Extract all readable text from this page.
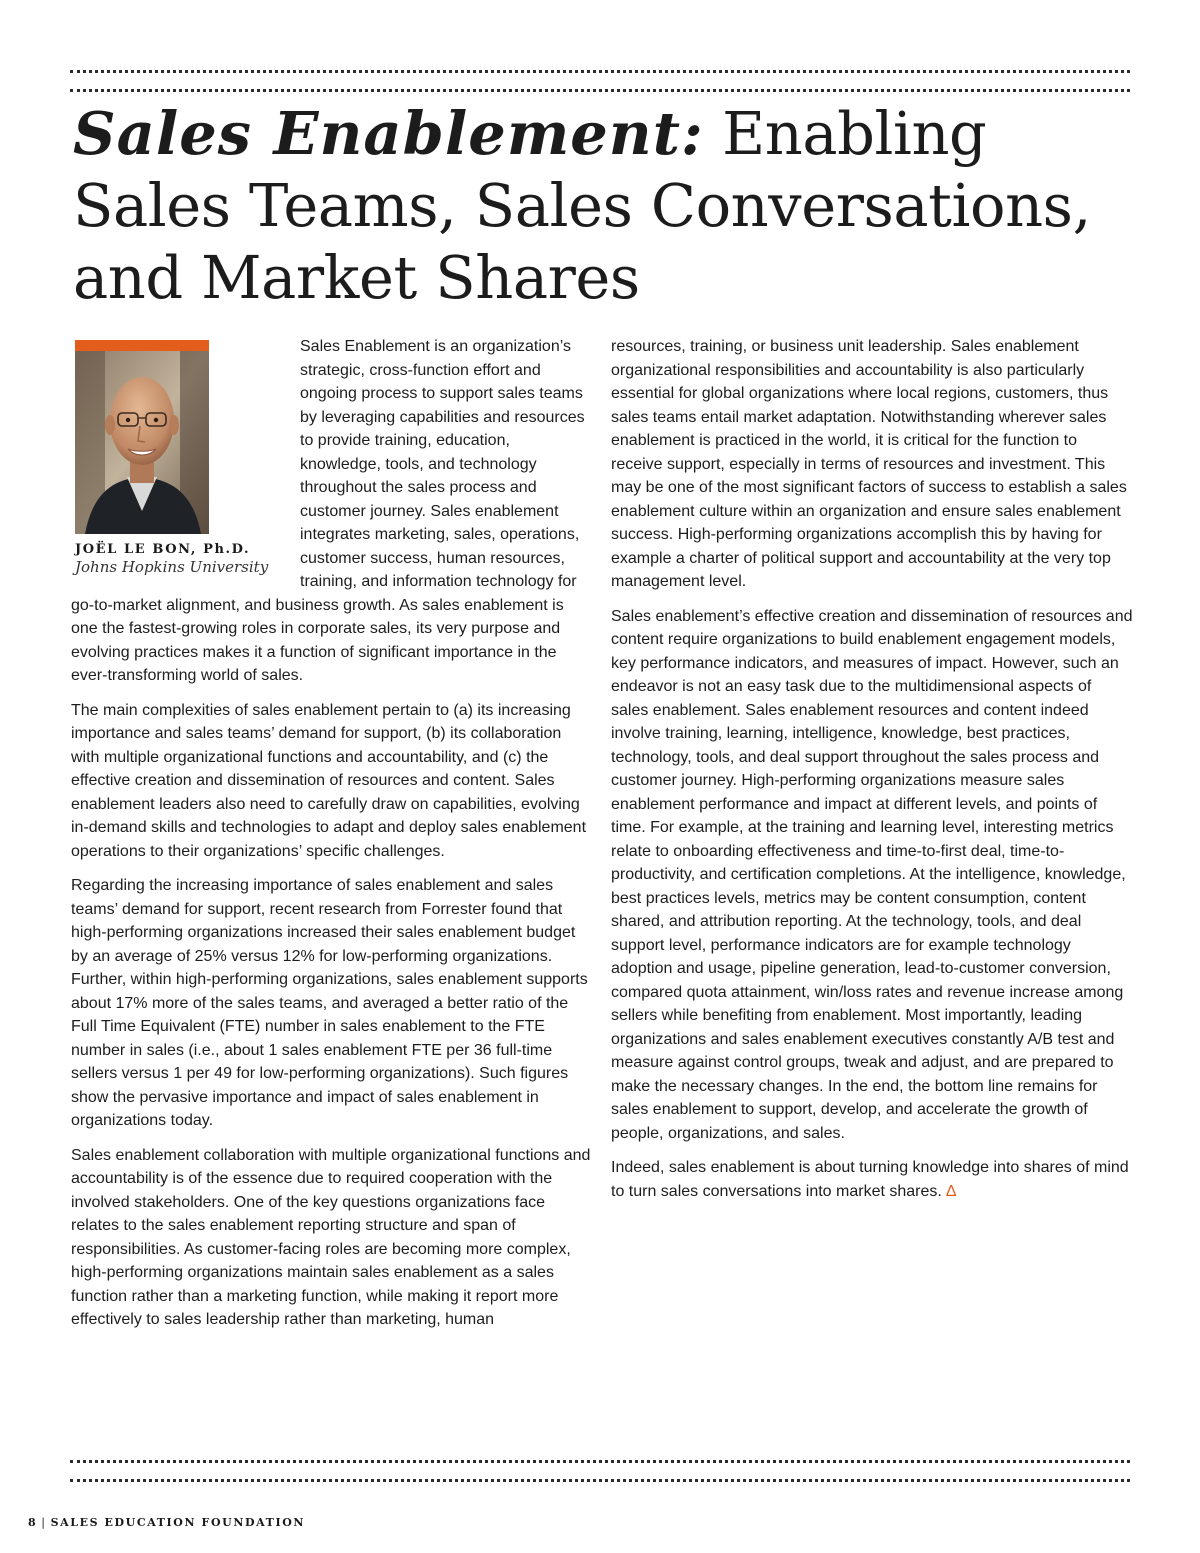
Sales Enablement: Enabling Sales Teams, Sales Conversations, and Market Shares
JOËL LE BON, Ph.D.
Johns Hopkins University

Sales Enablement is an organization’s strategic, cross-function effort and ongoing process to support sales teams by leveraging capabilities and resources to provide training, education, knowledge, tools, and technology throughout the sales process and customer journey. Sales enablement integrates marketing, sales, operations, customer success, human resources, training, and information technology for go-to-market alignment, and business growth. As sales enablement is one the fastest-growing roles in corporate sales, its very purpose and evolving practices makes it a function of significant importance in the ever-transforming world of sales.

The main complexities of sales enablement pertain to (a) its increasing importance and sales teams’ demand for support, (b) its collaboration with multiple organizational functions and accountability, and (c) the effective creation and dissemination of resources and content. Sales enablement leaders also need to carefully draw on capabilities, evolving in-demand skills and technologies to adapt and deploy sales enablement operations to their organizations’ specific challenges.

Regarding the increasing importance of sales enablement and sales teams’ demand for support, recent research from Forrester found that high-performing organizations increased their sales enablement budget by an average of 25% versus 12% for low-performing organizations. Further, within high-performing organizations, sales enablement supports about 17% more of the sales teams, and averaged a better ratio of the Full Time Equivalent (FTE) number in sales enablement to the FTE number in sales (i.e., about 1 sales enablement FTE per 36 full-time sellers versus 1 per 49 for low-performing organizations). Such figures show the pervasive importance and impact of sales enablement in organizations today.

Sales enablement collaboration with multiple organizational functions and accountability is of the essence due to required cooperation with the involved stakeholders. One of the key questions organizations face relates to the sales enablement reporting structure and span of responsibilities. As customer-facing roles are becoming more complex, high-performing organizations maintain sales enablement as a sales function rather than a marketing function, while making it report more effectively to sales leadership rather than marketing, human

resources, training, or business unit leadership. Sales enablement organizational responsibilities and accountability is also particularly essential for global organizations where local regions, customers, thus sales teams entail market adaptation. Notwithstanding wherever sales enablement is practiced in the world, it is critical for the function to receive support, especially in terms of resources and investment. This may be one of the most significant factors of success to establish a sales enablement culture within an organization and ensure sales enablement success. High-performing organizations accomplish this by having for example a charter of political support and accountability at the very top management level.

Sales enablement’s effective creation and dissemination of resources and content require organizations to build enablement engagement models, key performance indicators, and measures of impact. However, such an endeavor is not an easy task due to the multidimensional aspects of sales enablement. Sales enablement resources and content indeed involve training, learning, intelligence, knowledge, best practices, technology, tools, and deal support throughout the sales process and customer journey. High-performing organizations measure sales enablement performance and impact at different levels, and points of time. For example, at the training and learning level, interesting metrics relate to onboarding effectiveness and time-to-first deal, time-to-productivity, and certification completions. At the intelligence, knowledge, best practices levels, metrics may be content consumption, content shared, and attribution reporting. At the technology, tools, and deal support level, performance indicators are for example technology adoption and usage, pipeline generation, lead-to-customer conversion, compared quota attainment, win/loss rates and revenue increase among sellers while benefiting from enablement. Most importantly, leading organizations and sales enablement executives constantly A/B test and measure against control groups, tweak and adjust, and are prepared to make the necessary changes. In the end, the bottom line remains for sales enablement to support, develop, and accelerate the growth of people, organizations, and sales.

Indeed, sales enablement is about turning knowledge into shares of mind to turn sales conversations into market shares. ∆

8 | SALES EDUCATION FOUNDATION
